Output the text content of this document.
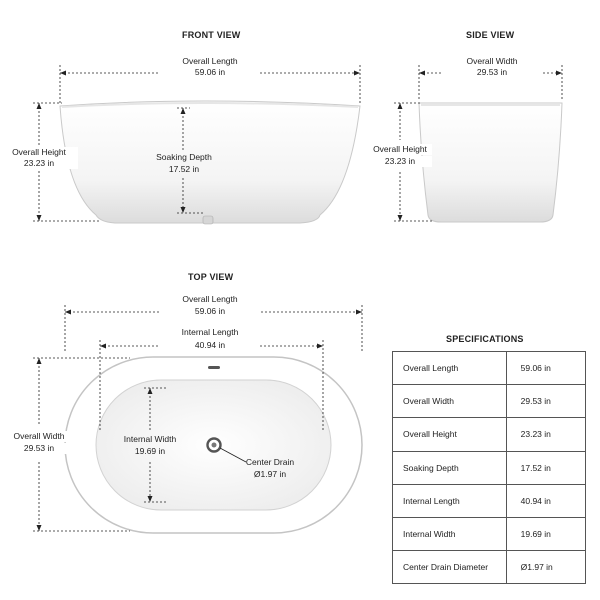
FRONT VIEW
Overall Length
59.06 in
Overall Height
23.23 in
Soaking Depth
17.52 in
SIDE VIEW
Overall Width
29.53 in
Overall Height
23.23 in
TOP VIEW
Overall Length
59.06 in
Internal Length
40.94 in
Overall Width
29.53 in
Internal Width
19.69 in
Center Drain
Ø1.97 in
SPECIFICATIONS
Overall Length	59.06 in
Overall Width	29.53 in
Overall Height	23.23 in
Soaking Depth	17.52 in
Internal Length	40.94 in
Internal Width	19.69 in
Center Drain Diameter	Ø1.97 in
